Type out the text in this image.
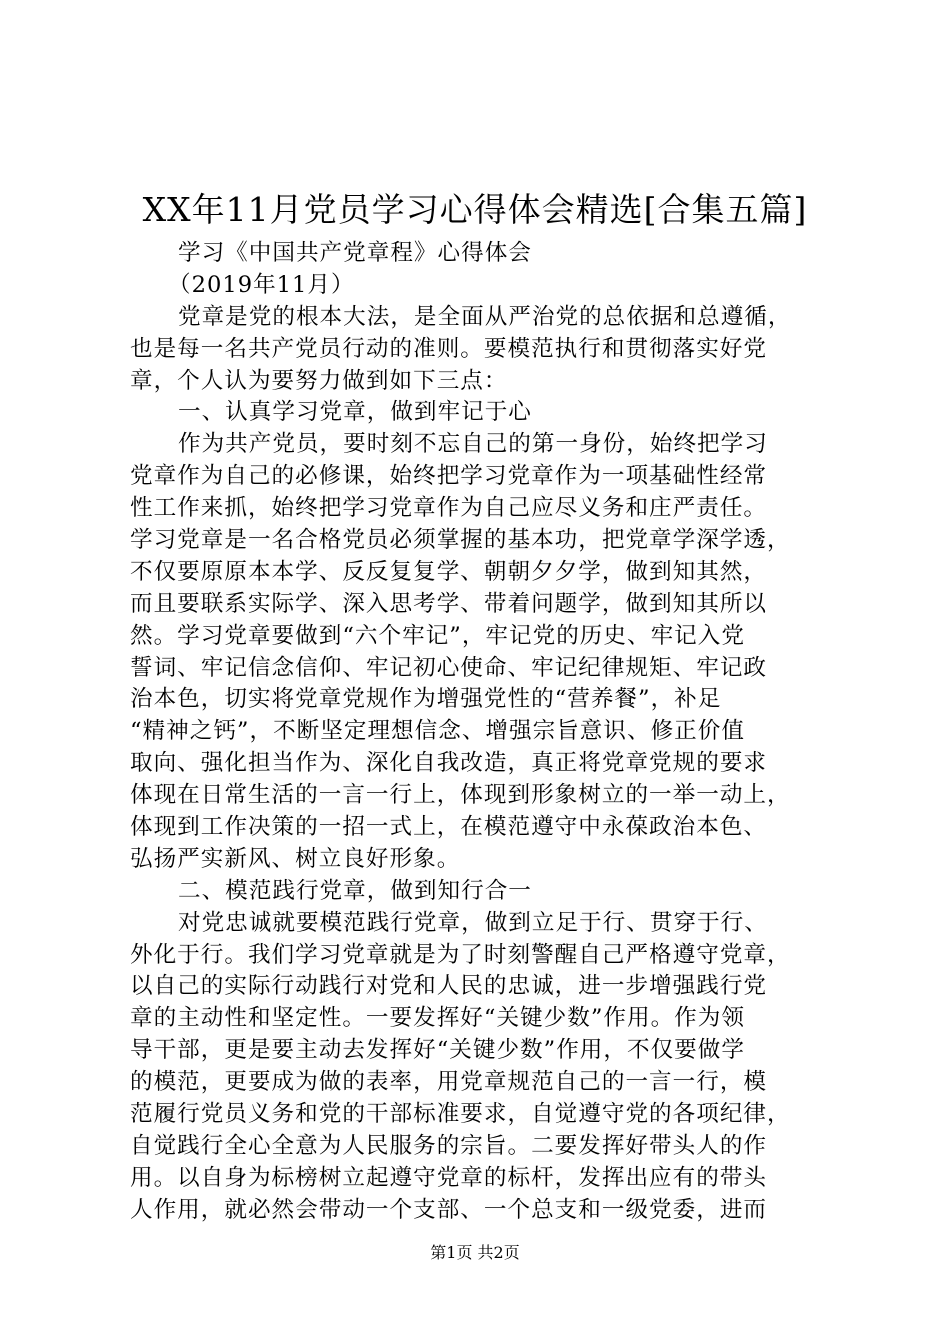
XX年11月党员学习心得体会精选[合集五篇]
学习《中国共产党章程》心得体会
（2019年11月）
党章是党的根本大法，是全面从严治党的总依据和总遵循，
也是每一名共产党员行动的准则。要模范执行和贯彻落实好党
章，个人认为要努力做到如下三点：
一、认真学习党章，做到牢记于心
作为共产党员，要时刻不忘自己的第一身份，始终把学习
党章作为自己的必修课，始终把学习党章作为一项基础性经常
性工作来抓，始终把学习党章作为自己应尽义务和庄严责任。
学习党章是一名合格党员必须掌握的基本功，把党章学深学透，
不仅要原原本本学、反反复复学、朝朝夕夕学，做到知其然，
而且要联系实际学、深入思考学、带着问题学，做到知其所以
然。学习党章要做到“六个牢记”，牢记党的历史、牢记入党
誓词、牢记信念信仰、牢记初心使命、牢记纪律规矩、牢记政
治本色，切实将党章党规作为增强党性的“营养餐”，补足
“精神之钙”，不断坚定理想信念、增强宗旨意识、修正价值
取向、强化担当作为、深化自我改造，真正将党章党规的要求
体现在日常生活的一言一行上，体现到形象树立的一举一动上，
体现到工作决策的一招一式上，在模范遵守中永葆政治本色、
弘扬严实新风、树立良好形象。
二、模范践行党章，做到知行合一
对党忠诚就要模范践行党章，做到立足于行、贯穿于行、
外化于行。我们学习党章就是为了时刻警醒自己严格遵守党章，
以自己的实际行动践行对党和人民的忠诚，进一步增强践行党
章的主动性和坚定性。一要发挥好“关键少数”作用。作为领
导干部，更是要主动去发挥好“关键少数”作用，不仅要做学
的模范，更要成为做的表率，用党章规范自己的一言一行，模
范履行党员义务和党的干部标准要求，自觉遵守党的各项纪律，
自觉践行全心全意为人民服务的宗旨。二要发挥好带头人的作
用。以自身为标榜树立起遵守党章的标杆，发挥出应有的带头
人作用，就必然会带动一个支部、一个总支和一级党委，进而
第1页 共2页
